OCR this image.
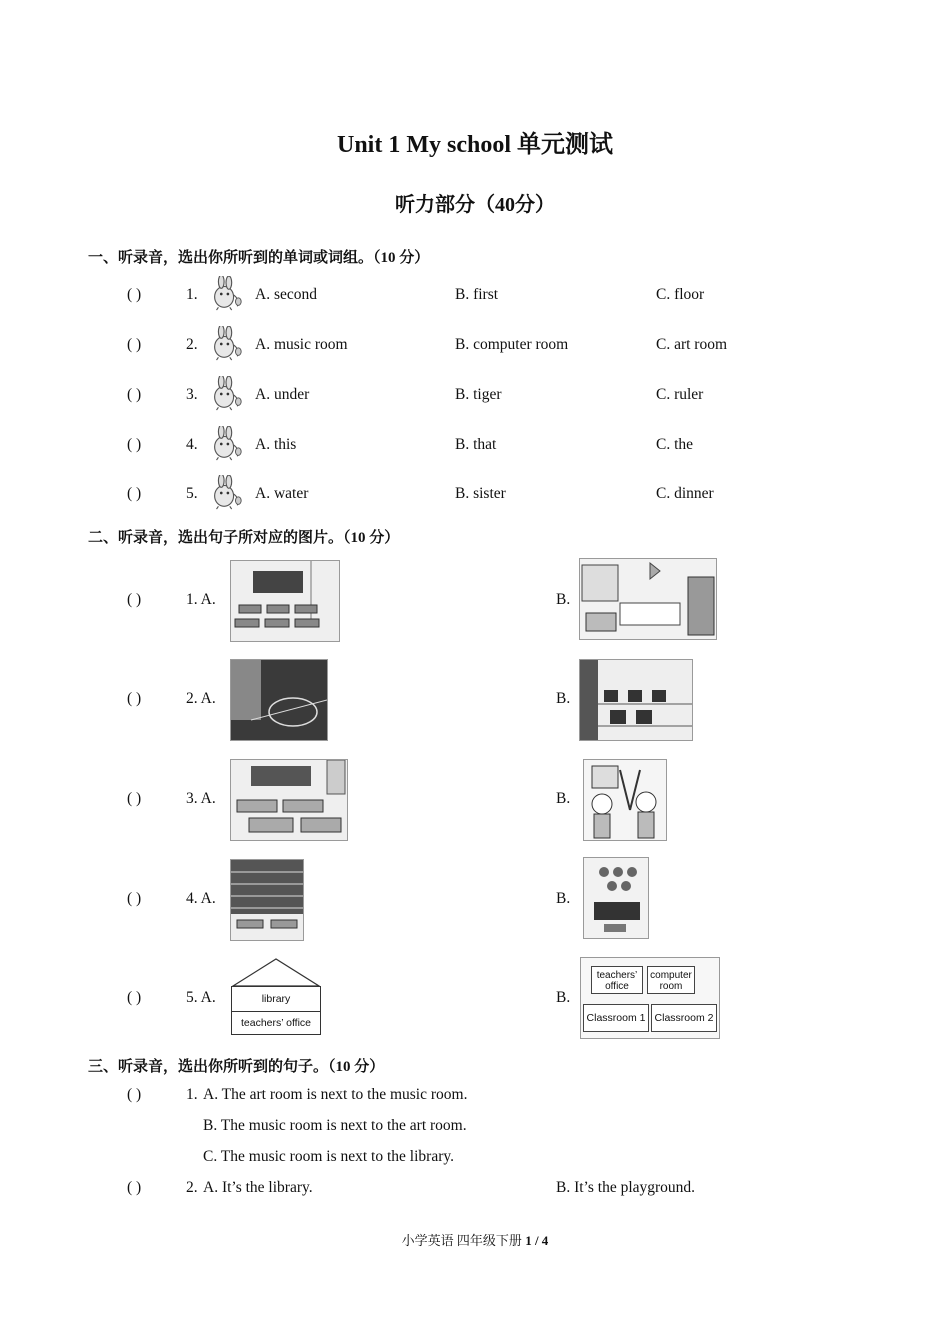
Unit 1 My school 单元测试
听力部分（40分）
一、听录音，选出你所听到的单词或词组。（10 分）
( )	1.	A. second	B. first	C. floor
( )	2.	A. music room	B. computer room	C. art room
( )	3.	A. under	B. tiger	C. ruler
( )	4.	A. this	B. that	C. the
( )	5.	A. water	B. sister	C. dinner
二、听录音，选出句子所对应的图片。（10 分）
( )	1. A.	B.
( )	2. A.	B.
( )	3. A.	B.
( )	4. A.	B.
( )	5. A.	library
teachers’ office
B.
teachers’ office
computer room
Classroom 1 Classroom 2
三、听录音，选出你所听到的句子。（10 分）
( )	1. A. The art room is next to the music room.
B. The music room is next to the art room.
C. The music room is next to the library.
( )	2. A. It’s the library.	B. It’s the playground.
小学英语 四年级下册 1 / 4
